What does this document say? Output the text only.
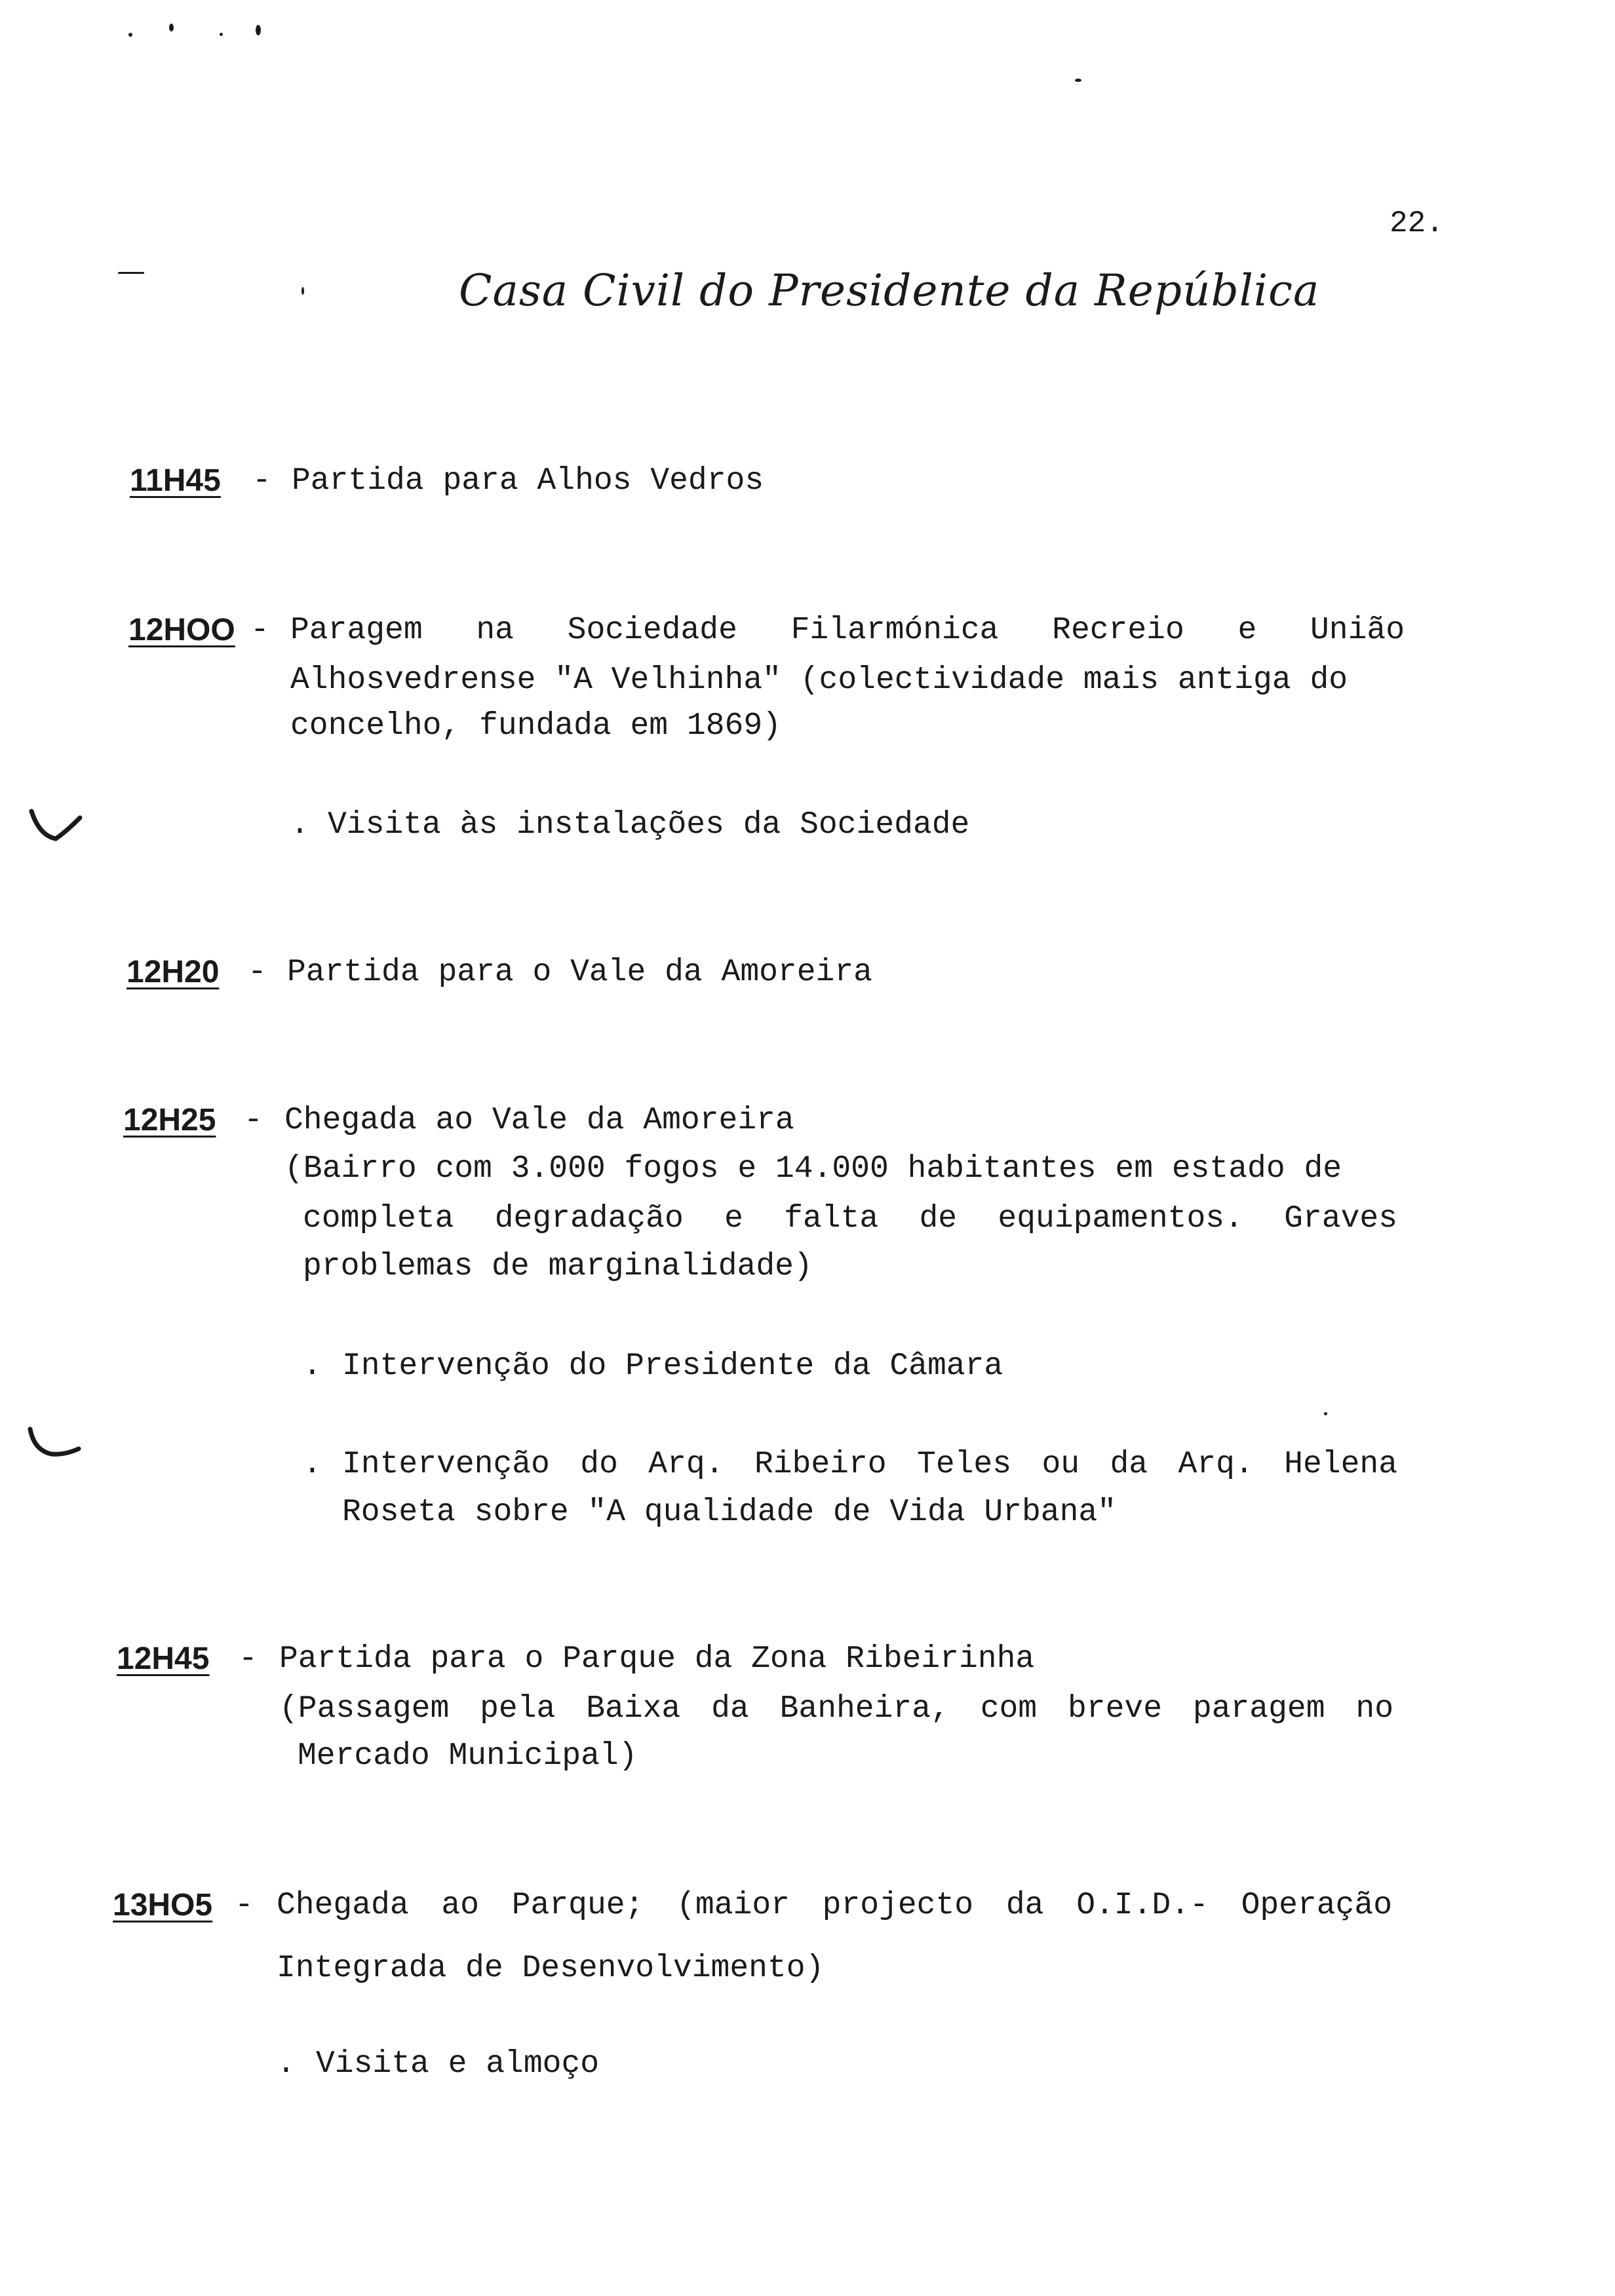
22.
Casa Civil do Presidente da República
11H45 - Partida para Alhos Vedros
12HOO - Paragem na Sociedade Filarmónica Recreio e União
Alhosvedrense "A Velhinha" (colectividade mais antiga do
concelho, fundada em 1869)
. Visita às instalações da Sociedade
12H20 - Partida para o Vale da Amoreira
12H25 - Chegada ao Vale da Amoreira
(Bairro com 3.000 fogos e 14.000 habitantes em estado de
completa degradação e falta de equipamentos. Graves
problemas de marginalidade)
. Intervenção do Presidente da Câmara
. Intervenção do Arq. Ribeiro Teles ou da Arq. Helena
Roseta sobre "A qualidade de Vida Urbana"
12H45 - Partida para o Parque da Zona Ribeirinha
(Passagem pela Baixa da Banheira, com breve paragem no
Mercado Municipal)
13HO5 - Chegada ao Parque; (maior projecto da O.I.D.- Operação
Integrada de Desenvolvimento)
. Visita e almoço
